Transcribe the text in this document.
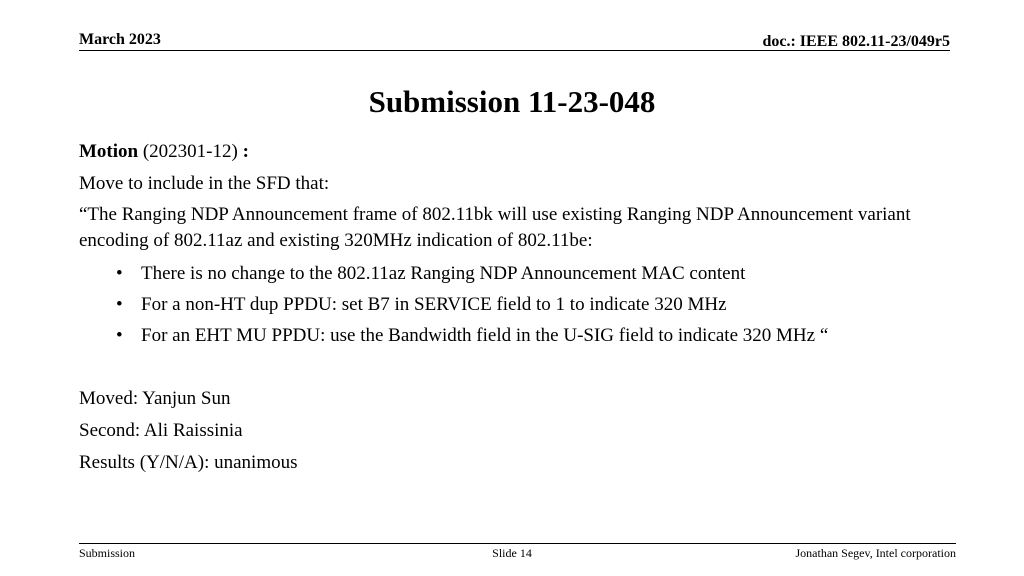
March 2023	doc.: IEEE 802.11-23/049r5
Submission 11-23-048

Motion (202301-12) :

Move to include in the SFD that:

“The Ranging NDP Announcement frame of 802.11bk will use existing Ranging NDP Announcement variant encoding of 802.11az and existing 320MHz indication of 802.11be:

• There is no change to the 802.11az Ranging NDP Announcement MAC content
• For a non-HT dup PPDU: set B7 in SERVICE field to 1 to indicate 320 MHz
• For an EHT MU PPDU: use the Bandwidth field in the U-SIG field to indicate 320 MHz “

Moved: Yanjun Sun

Second: Ali Raissinia

Results (Y/N/A): unanimous

Submission	Slide 14	Jonathan Segev, Intel corporation
